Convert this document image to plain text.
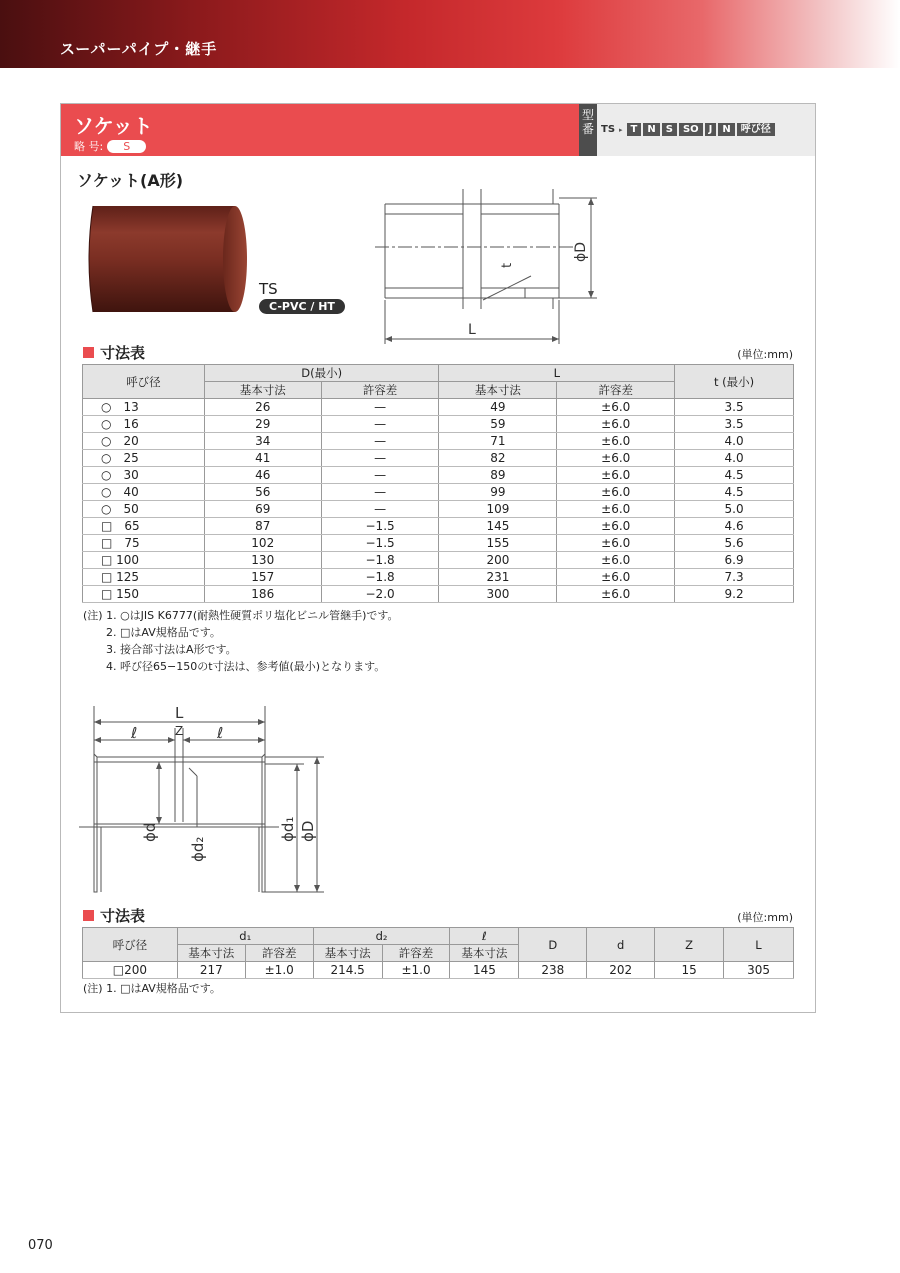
スーパーパイプ・継手
ソケット
略 号: S
型番 TS ▸ T	N	S	SO	J	N	呼び径
ソケット(A形)
TS
C-PVC / HT
ϕD
t
L
寸法表	(単位:mm)
呼び径	D(最小)		L		t (最小)
	基本寸法	許容差	基本寸法	許容差	
○　13	26	—	49	±6.0	3.5
○　16	29	—	59	±6.0	3.5
○　20	34	—	71	±6.0	4.0
○　25	41	—	82	±6.0	4.0
○　30	46	—	89	±6.0	4.5
○　40	56	—	99	±6.0	4.5
○　50	69	—	109	±6.0	5.0
□　65	87	−1.5	145	±6.0	4.6
□　75	102	−1.5	155	±6.0	5.6
□ 100	130	−1.8	200	±6.0	6.9
□ 125	157	−1.8	231	±6.0	7.3
□ 150	186	−2.0	300	±6.0	9.2
(注) 1. ○はJIS K6777(耐熱性硬質ポリ塩化ビニル管継手)です。
2. □はAV規格品です。
3. 接合部寸法はA形です。
4. 呼び径65−150のt寸法は、参考値(最小)となります。
L
ℓ	ℓ
Z
ϕd
ϕd₂
ϕd₁ ϕD
寸法表	(単位:mm)
呼び径	d₁		d₂		ℓ	D	d	Z	L
	基本寸法	許容差	基本寸法	許容差	基本寸法				
□200	217	±1.0	214.5	±1.0	145	238	202	15	305
(注) 1. □はAV規格品です。
070
